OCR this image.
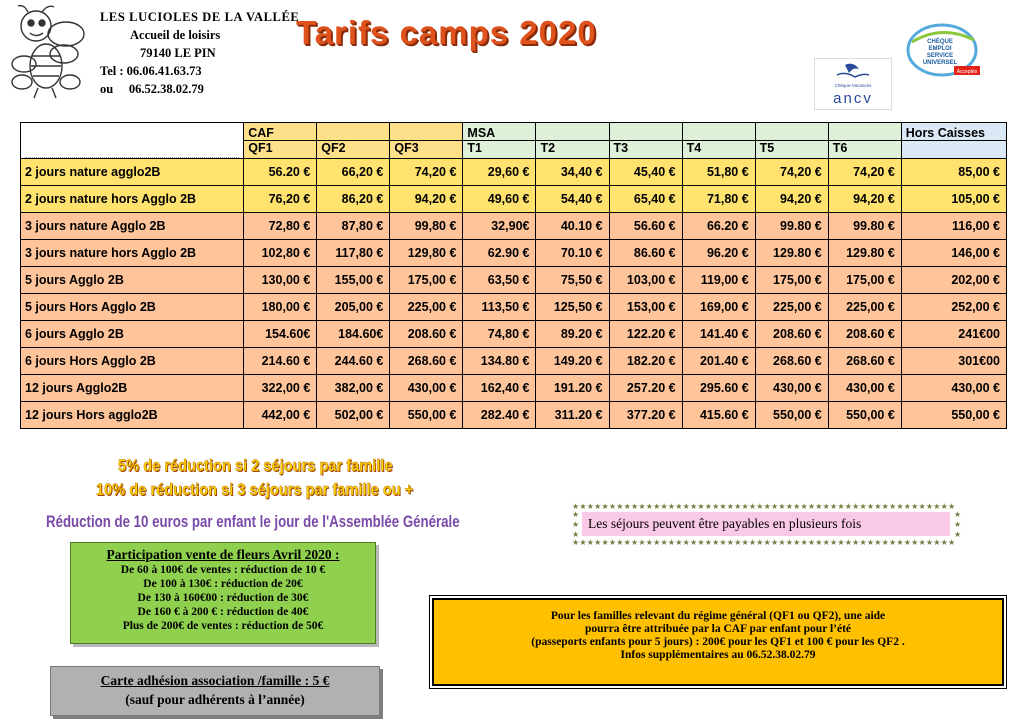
LES LUCIOLES DE LA VALLÉE
Accueil de loisirs
79140 LE PIN
Tel : 06.06.41.63.73
ou     06.52.38.02.79
Tarifs camps 2020
Chèque-Vacances
ancv
CHÈQUE
EMPLOI
SERVICE
UNIVERSEL
Acceptés
	CAF			MSA						Hors Caisses
	QF1	QF2	QF3	T1	T2	T3	T4	T5	T6	
2 jours nature agglo2B	56.20 €	66,20 €	74,20 €	29,60 €	34,40 €	45,40 €	51,80 €	74,20 €	74,20 €	85,00 €
2 jours nature hors Agglo 2B	76,20 €	86,20 €	94,20 €	49,60 €	54,40 €	65,40 €	71,80 €	94,20 €	94,20 €	105,00 €
3 jours nature Agglo 2B	72,80 €	87,80 €	99,80 €	32,90€	40.10 €	56.60 €	66.20 €	99.80 €	99.80 €	116,00 €
3 jours nature hors Agglo 2B	102,80 €	117,80 €	129,80 €	62.90 €	70.10 €	86.60 €	96.20 €	129.80 €	129.80 €	146,00 €
5 jours Agglo 2B	130,00 €	155,00 €	175,00 €	63,50 €	75,50 €	103,00 €	119,00 €	175,00 €	175,00 €	202,00 €
5 jours Hors Agglo 2B	180,00 €	205,00 €	225,00 €	113,50 €	125,50 €	153,00 €	169,00 €	225,00 €	225,00 €	252,00 €
6 jours Agglo 2B	154.60€	184.60€	208.60 €	74,80 €	89.20 €	122.20 €	141.40 €	208.60 €	208.60 €	241€00
6 jours Hors Agglo 2B	214.60 €	244.60 €	268.60 €	134.80 €	149.20 €	182.20 €	201.40 €	268.60 €	268.60 €	301€00
12 jours Agglo2B	322,00 €	382,00 €	430,00 €	162,40 €	191.20 €	257.20 €	295.60 €	430,00 €	430,00 €	430,00 €
12 jours Hors agglo2B	442,00 €	502,00 €	550,00 €	282.40 €	311.20 €	377.20 €	415.60 €	550,00 €	550,00 €	550,00 €
5% de réduction si 2 séjours par famille
10% de réduction si 3 séjours par famille ou +
Réduction de 10 euros par enfant le jour de l'Assemblée Générale
Participation vente de fleurs Avril 2020 :
De 60 à 100€ de ventes : réduction de 10 €
De 100 à 130€ : réduction de 20€
De 130 à 160€00 : réduction de 30€
De 160 € à 200 € : réduction de 40€
Plus de 200€ de ventes : réduction de 50€
Carte adhésion association /famille : 5 €
(sauf pour adhérents à l’année)
★★★★★★★★★★★★★★★★★★★★★★★★★★★★★★★★★★★★★★★★★★★★★★★★★★★★
★
★
★
★
★
★
Les séjours peuvent être payables en plusieurs fois
★★★★★★★★★★★★★★★★★★★★★★★★★★★★★★★★★★★★★★★★★★★★★★★★★★★★
Pour les familles relevant du régime général (QF1 ou QF2), une aide
pourra être attribuée par la CAF par enfant pour l’été
(passeports enfants pour 5 jours) : 200€ pour les QF1 et 100 € pour les QF2 .
Infos supplémentaires au 06.52.38.02.79
